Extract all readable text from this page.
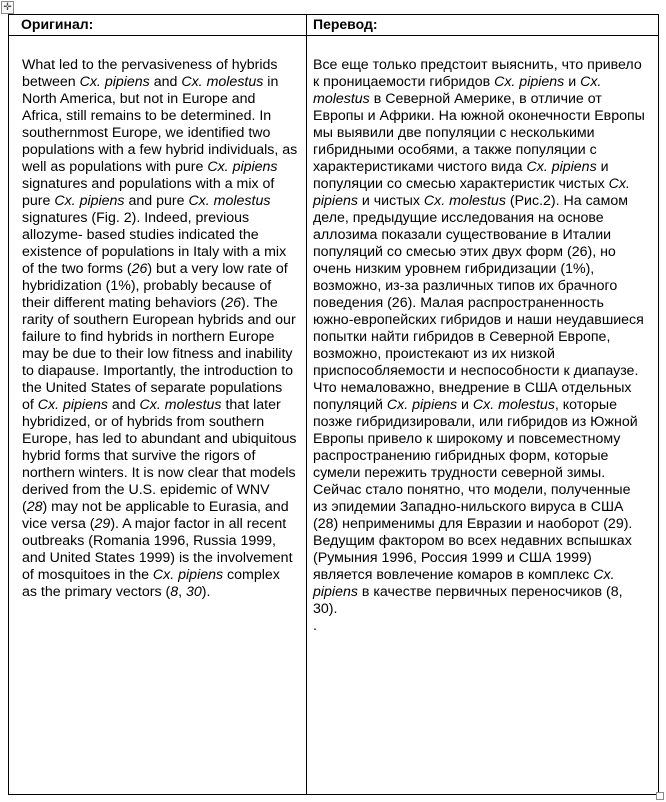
✛
Оригинал:	Перевод:

What led to the pervasiveness of hybrids between Cx. pipiens and Cx. molestus in North America, but not in Europe and Africa, still remains to be determined. In southernmost Europe, we identified two populations with a few hybrid individuals, as well as populations with pure Cx. pipiens signatures and populations with a mix of pure Cx. pipiens and pure Cx. molestus signatures (Fig. 2). Indeed, previous allozyme- based studies indicated the existence of populations in Italy with a mix of the two forms (26) but a very low rate of hybridization (1%), probably because of their different mating behaviors (26). The rarity of southern European hybrids and our failure to find hybrids in northern Europe may be due to their low fitness and inability to diapause. Importantly, the introduction to the United States of separate populations of Cx. pipiens and Cx. molestus that later hybridized, or of hybrids from southern Europe, has led to abundant and ubiquitous hybrid forms that survive the rigors of northern winters. It is now clear that models derived from the U.S. epidemic of WNV (28) may not be applicable to Eurasia, and vice versa (29). A major factor in all recent outbreaks (Romania 1996, Russia 1999, and United States 1999) is the involvement of mosquitoes in the Cx. pipiens complex as the primary vectors (8, 30).

Все еще только предстоит выяснить, что привело к проницаемости гибридов Cx. pipiens и Cx. molestus в Северной Америке, в отличие от Европы и Африки. На южной оконечности Европы мы выявили две популяции с несколькими гибридными особями, а также популяции с характеристиками чистого вида Cx. pipiens и популяции со смесью характеристик чистых Cx. pipiens и чистых Cx. molestus (Рис.2). На самом деле, предыдущие исследования на основе аллозима показали существование в Италии популяций со смесью этих двух форм (26), но очень низким уровнем гибридизации (1%), возможно, из-за различных типов их брачного поведения (26). Малая распространенность южно-европейских гибридов и наши неудавшиеся попытки найти гибридов в Северной Европе, возможно, проистекают из их низкой приспособляемости и неспособности к диапаузе. Что немаловажно, внедрение в США отдельных популяций Cx. pipiens и Cx. molestus, которые позже гибридизировали, или гибридов из Южной Европы привело к широкому и повсеместному распространению гибридных форм, которые сумели пережить трудности северной зимы.

Сейчас стало понятно, что модели, полученные из эпидемии Западно-нильского вируса в США (28) неприменимы для Евразии и наоборот (29). Ведущим фактором во всех недавних вспышках (Румыния 1996, Россия 1999 и США 1999) является вовлечение комаров в комплекс Cx. pipiens в качестве первичных переносчиков (8, 30).

.
